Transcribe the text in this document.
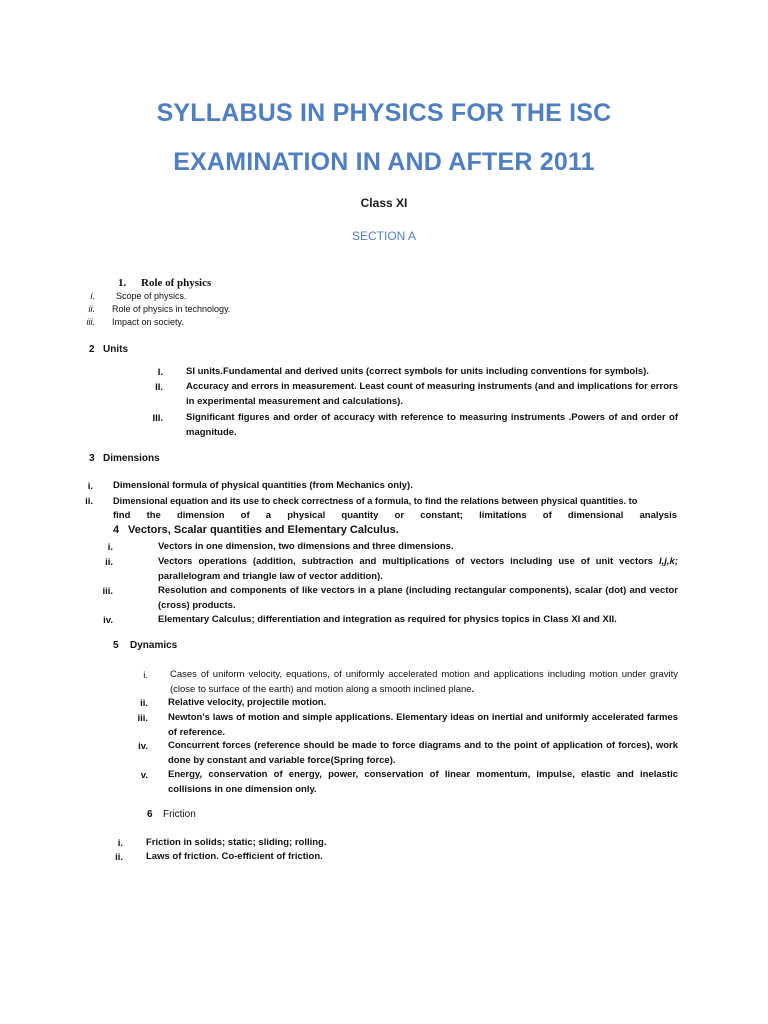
SYLLABUS IN PHYSICS FOR THE ISC
EXAMINATION IN AND AFTER 2011
Class XI
SECTION A
1. Role of physics
i. Scope of physics.
ii. Role of physics in technology.
iii. Impact on society.
2 Units
I. SI units.Fundamental and derived units (correct symbols for units including conventions for symbols).
II. Accuracy and errors in measurement. Least count of measuring instruments (and and implications for errors in experimental measurement and calculations).
III. Significant figures and order of accuracy with reference to measuring instruments .Powers of and order of magnitude.
3 Dimensions
i. Dimensional formula of physical quantities (from Mechanics only).
ii. Dimensional equation and its use to check correctness of a formula, to find the relations between physical quantities. to
find the dimension of a physical quantity or constant; limitations of dimensional analysis
4 Vectors, Scalar quantities and Elementary Calculus.
i.	Vectors in one dimension, two dimensions and three dimensions.
ii.	Vectors operations (addition, subtraction and multiplications of vectors including use of unit vectors l,j,k; parallelogram and triangle law of vector addition).
iii.	Resolution and components of like vectors in a plane (including rectangular components), scalar (dot) and vector (cross) products.
iv.	Elementary Calculus; differentiation and integration as required for physics topics in Class XI and XII.
5 Dynamics
i. Cases of uniform velocity, equations, of uniformly accelerated motion and applications including motion under gravity (close to surface of the earth) and motion along a smooth inclined plane.
ii. Relative velocity, projectile motion.
iii. Newton’s laws of motion and simple applications. Elementary ideas on inertial and uniformly accelerated farmes of reference.
iv. Concurrent forces (reference should be made to force diagrams and to the point of application of forces), work done by constant and variable force(Spring force).
v. Energy, conservation of energy, power, conservation of linear momentum, impulse, elastic and inelastic collisions in one dimension only.
6 Friction
i. Friction in solids; static; sliding; rolling.
ii. Laws of friction. Co-efficient of friction.
